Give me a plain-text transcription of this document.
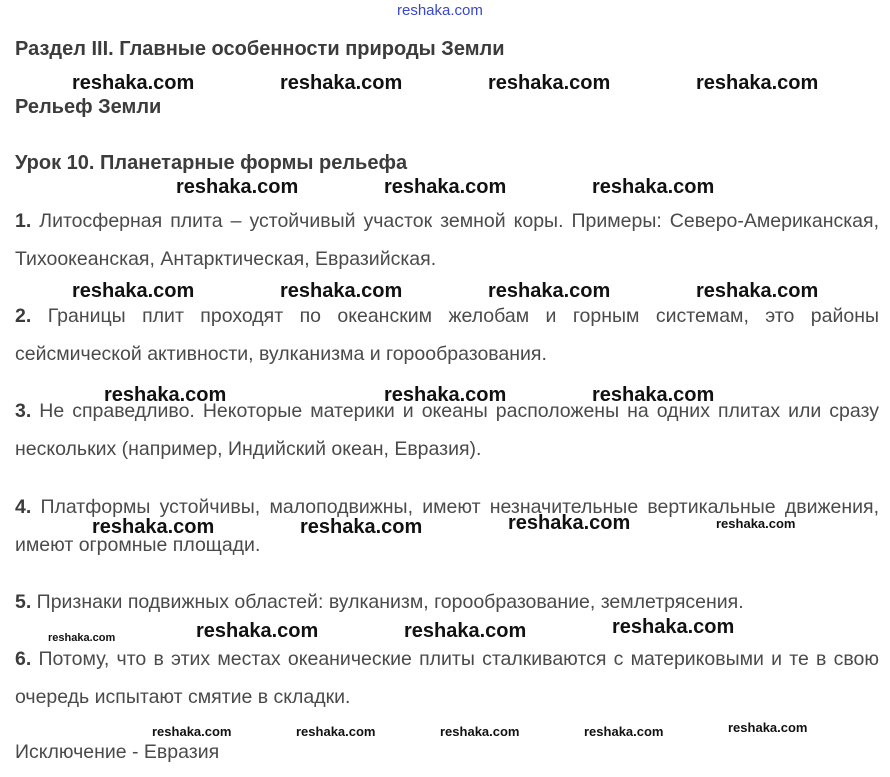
reshaka.com
Раздел III. Главные особенности природы Земли
Рельеф Земли
Урок 10. Планетарные формы рельефа

1. Литосферная плита – устойчивый участок земной коры. Примеры: Северо-Американская, Тихоокеанская, Антарктическая, Евразийская.

2. Границы плит проходят по океанским желобам и горным системам, это районы сейсмической активности, вулканизма и горообразования.

3. Не справедливо. Некоторые материки и океаны расположены на одних плитах или сразу нескольких (например, Индийский океан, Евразия).

4. Платформы устойчивы, малоподвижны, имеют незначительные вертикальные движения, имеют огромные площади.

5. Признаки подвижных областей: вулканизм, горообразование, землетрясения.

6. Потому, что в этих местах океанические плиты сталкиваются с материковыми и те в свою очередь испытают смятие в складки.

Исключение - Евразия
reshaka.com	reshaka.com	reshaka.com	reshaka.com
reshaka.com	reshaka.com	reshaka.com
reshaka.com	reshaka.com	reshaka.com	reshaka.com
reshaka.com	reshaka.com	reshaka.com
reshaka.com	reshaka.com	reshaka.com	reshaka.com
reshaka.com	reshaka.com	reshaka.com	reshaka.com
reshaka.com	reshaka.com	reshaka.com	reshaka.com	reshaka.com
